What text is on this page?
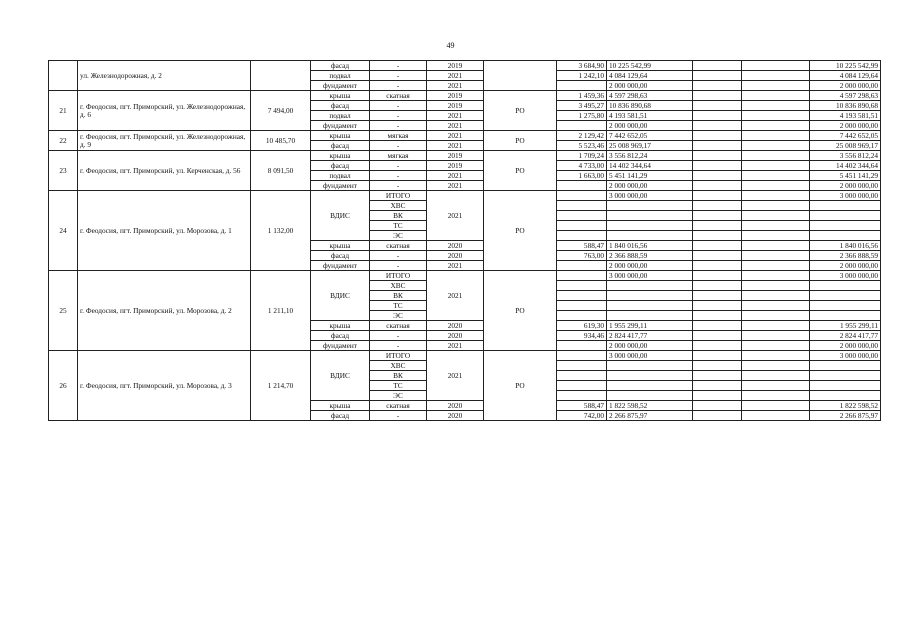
49
	ул. Железнодорожная, д. 2		фасад	-	2019		3 684,90	10 225 542,99			10 225 542,99
			подвал	-	2021		1 242,10	4 084 129,64			4 084 129,64
			фундамент	-	2021			2 000 000,00			2 000 000,00
21	г. Феодосия, пгт. Приморский, ул. Железнодорожная, д. 6	7 494,00	крыша	скатная	2019	РО	1 459,36	4 597 298,63			4 597 298,63
			фасад	-	2019		3 495,27	10 836 890,68			10 836 890,68
			подвал	-	2021		1 275,80	4 193 581,51			4 193 581,51
			фундамент	-	2021			2 000 000,00			2 000 000,00
22	г. Феодосия, пгт. Приморский, ул. Железнодорожная, д. 9	10 485,70	крыша	мягкая	2021	РО	2 129,42	7 442 652,05			7 442 652,05
			фасад	-	2021		5 523,46	25 008 969,17			25 008 969,17
23	г. Феодосия, пгт. Приморский, ул. Керченская, д. 56	8 091,50	крыша	мягкая	2019	РО	1 709,24	3 556 812,24			3 556 812,24
			фасад	-	2019		4 733,00	14 402 344,64			14 402 344,64
			подвал	-	2021		1 663,00	5 451 141,29			5 451 141,29
			фундамент	-	2021			2 000 000,00			2 000 000,00
24	г. Феодосия, пгт. Приморский, ул. Морозова, д. 1	1 132,00	ВДИС	ИТОГО	2021	РО		3 000 000,00			3 000 000,00
				ХВС							
				ВК							
				ТС							
				ЭС							
			крыша	скатная	2020		588,47	1 840 016,56			1 840 016,56
			фасад	-	2020		763,00	2 366 888,59			2 366 888,59
			фундамент	-	2021			2 000 000,00			2 000 000,00
25	г. Феодосия, пгт. Приморский, ул. Морозова, д. 2	1 211,10	ВДИС	ИТОГО	2021	РО		3 000 000,00			3 000 000,00
				ХВС							
				ВК							
				ТС							
				ЭС							
			крыша	скатная	2020		619,30	1 955 299,11			1 955 299,11
			фасад	-	2020		934,46	2 824 417,77			2 824 417,77
			фундамент	-	2021			2 000 000,00			2 000 000,00
26	г. Феодосия, пгт. Приморский, ул. Морозова, д. 3	1 214,70	ВДИС	ИТОГО	2021	РО		3 000 000,00			3 000 000,00
				ХВС							
				ВК							
				ТС							
				ЭС							
			крыша	скатная	2020		588,47	1 822 598,52			1 822 598,52
			фасад	-	2020		742,00	2 266 875,97			2 266 875,97
